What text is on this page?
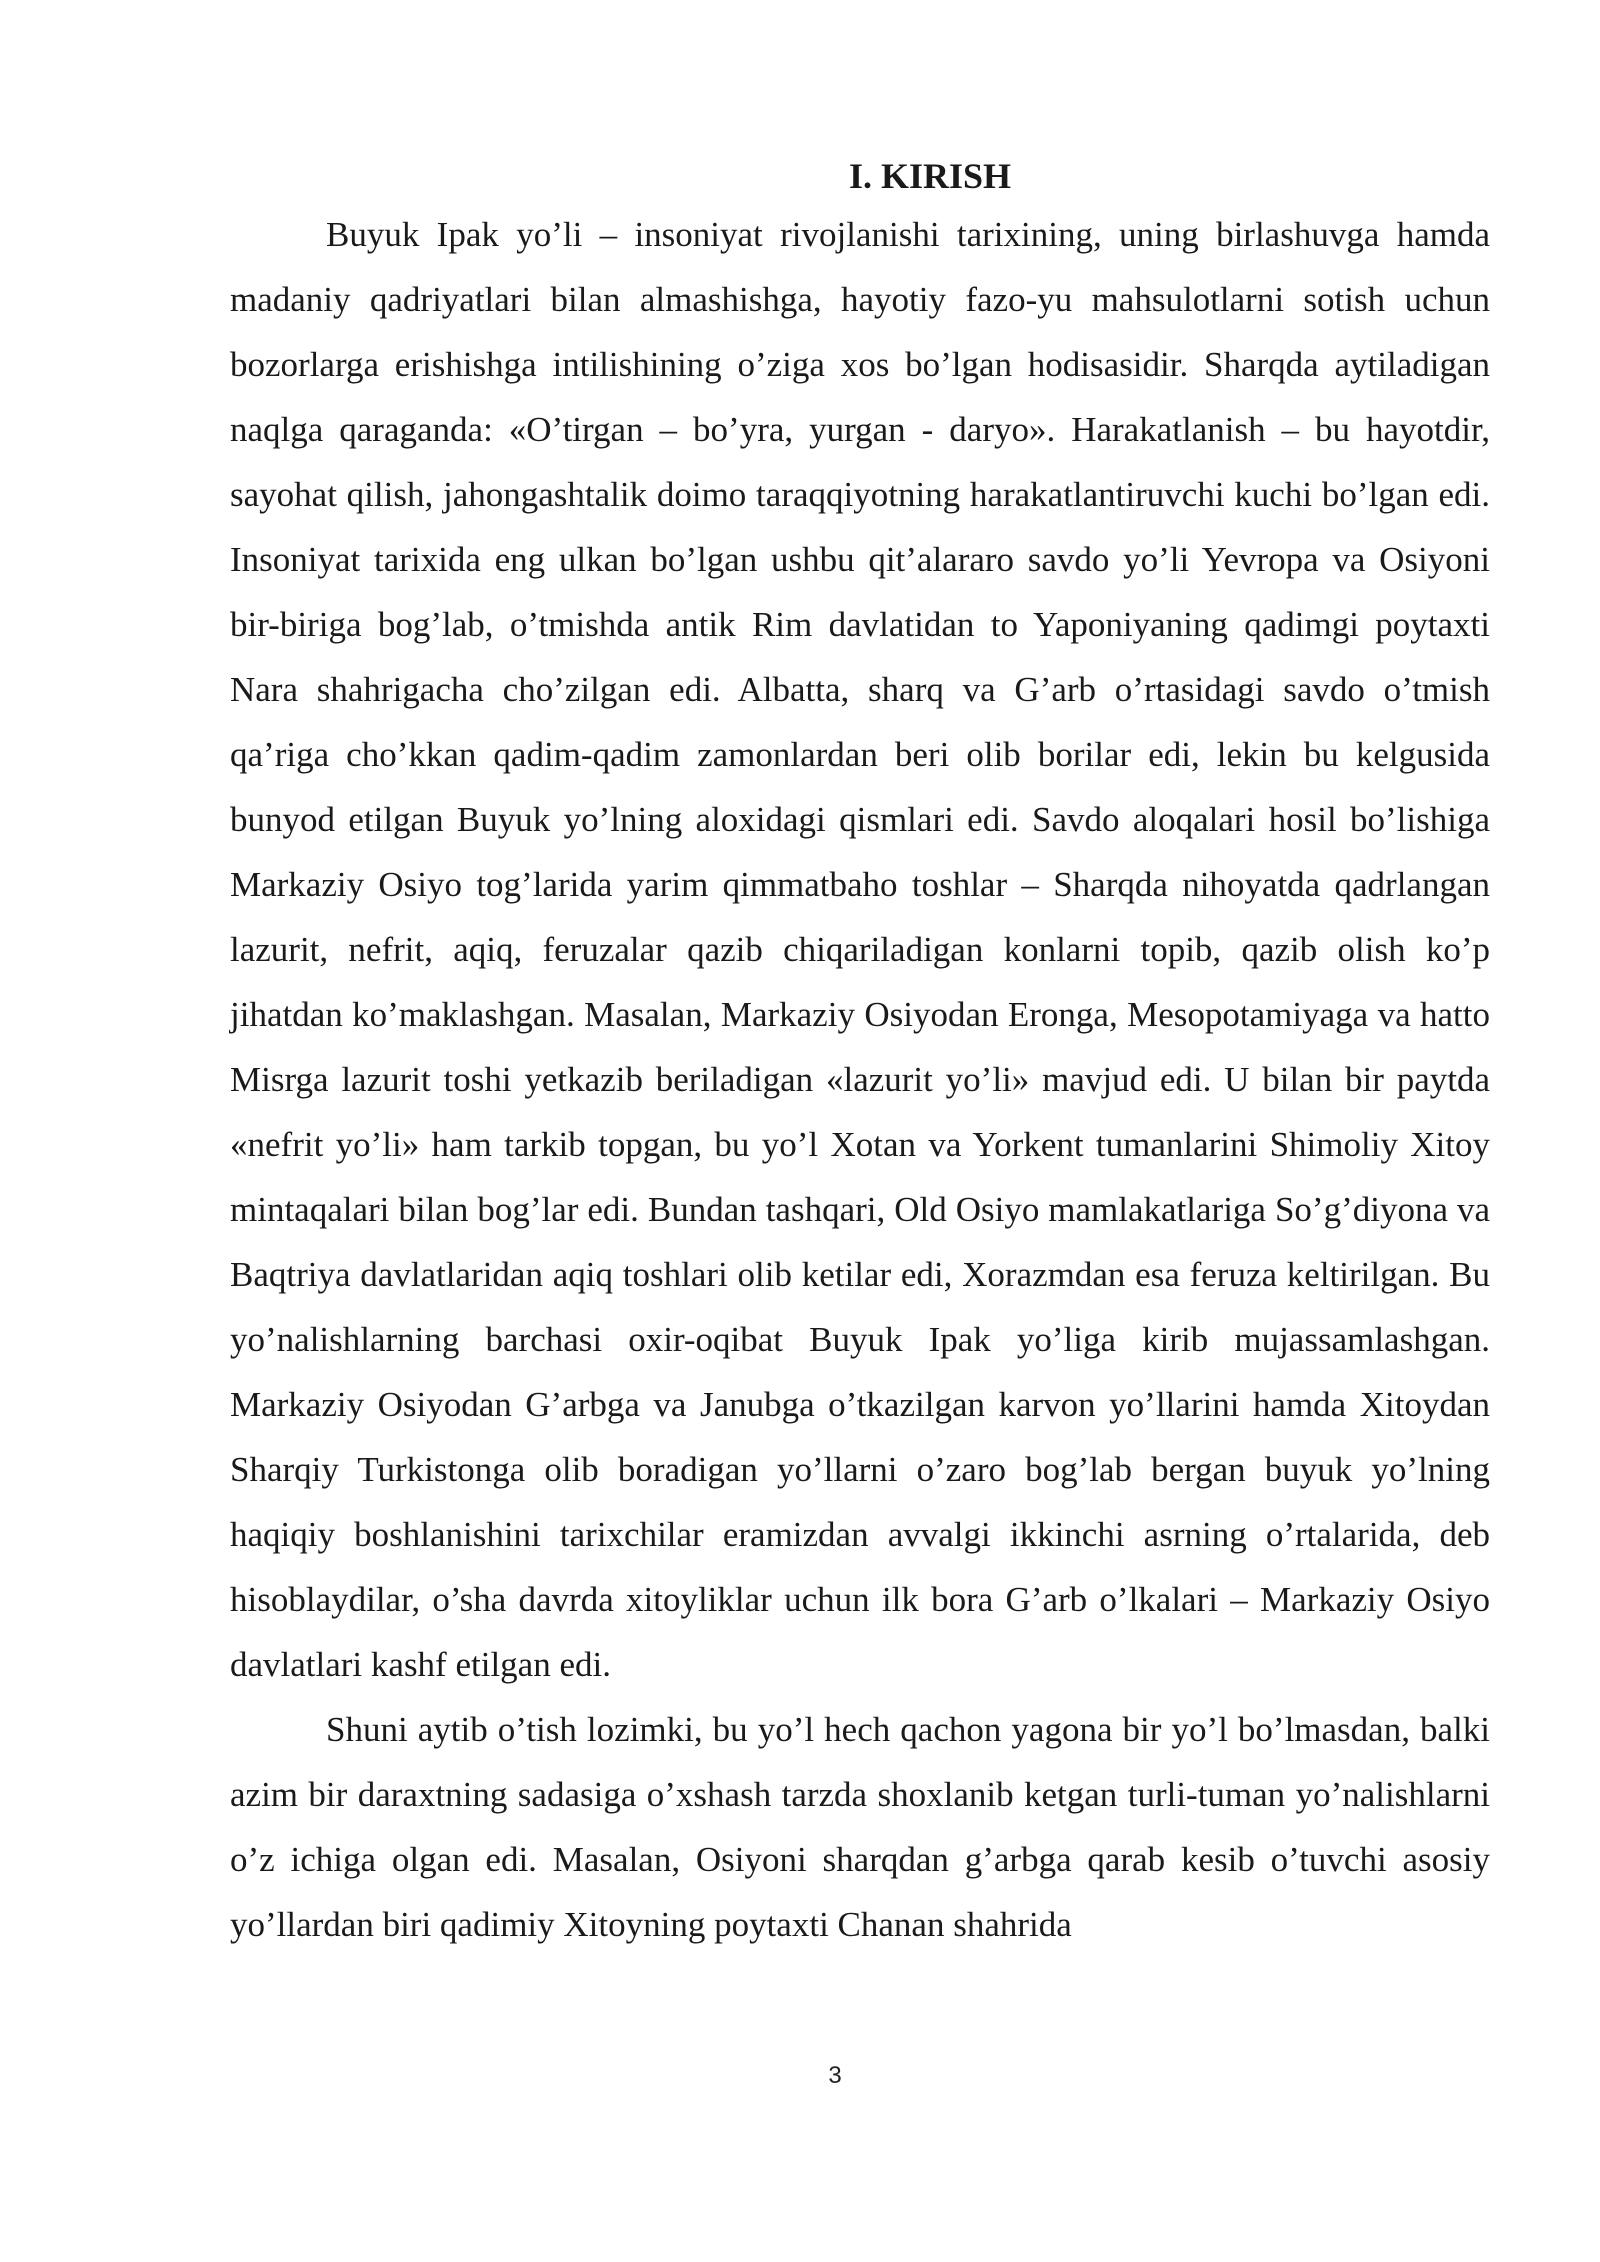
I. KIRISH

Buyuk Ipak yo’li – insoniyat rivojlanishi tarixining, uning birlashuvga hamda madaniy qadriyatlari bilan almashishga, hayotiy fazo-yu mahsulotlarni sotish uchun bozorlarga erishishga intilishining o’ziga xos bo’lgan hodisasidir. Sharqda aytiladigan naqlga qaraganda: «O’tirgan – bo’yra, yurgan - daryo». Harakatlanish – bu hayotdir, sayohat qilish, jahongashtalik doimo taraqqiyotning harakatlantiruvchi kuchi bo’lgan edi. Insoniyat tarixida eng ulkan bo’lgan ushbu qit’alararo savdo yo’li Yevropa va Osiyoni bir-biriga bog’lab, o’tmishda antik Rim davlatidan to Yaponiyaning qadimgi poytaxti Nara shahrigacha cho’zilgan edi. Albatta, sharq va G’arb o’rtasidagi savdo o’tmish qa’riga cho’kkan qadim-qadim zamonlardan beri olib borilar edi, lekin bu kelgusida bunyod etilgan Buyuk yo’lning aloxidagi qismlari edi. Savdo aloqalari hosil bo’lishiga Markaziy Osiyo tog’larida yarim qimmatbaho toshlar – Sharqda nihoyatda qadrlangan lazurit, nefrit, aqiq, feruzalar qazib chiqariladigan konlarni topib, qazib olish ko’p jihatdan ko’maklashgan. Masalan, Markaziy Osiyodan Eronga, Mesopotamiyaga va hatto Misrga lazurit toshi yetkazib beriladigan «lazurit yo’li» mavjud edi. U bilan bir paytda «nefrit yo’li» ham tarkib topgan, bu yo’l Xotan va Yorkent tumanlarini Shimoliy Xitoy mintaqalari bilan bog’lar edi. Bundan tashqari, Old Osiyo mamlakatlariga So’g’diyona va Baqtriya davlatlaridan aqiq toshlari olib ketilar edi, Xorazmdan esa feruza keltirilgan. Bu yo’nalishlarning barchasi oxir-oqibat Buyuk Ipak yo’liga kirib mujassamlashgan. Markaziy Osiyodan G’arbga va Janubga o’tkazilgan karvon yo’llarini hamda Xitoydan Sharqiy Turkistonga olib boradigan yo’llarni o’zaro bog’lab bergan buyuk yo’lning haqiqiy boshlanishini tarixchilar eramizdan avvalgi ikkinchi asrning o’rtalarida, deb hisoblaydilar, o’sha davrda xitoyliklar uchun ilk bora G’arb o’lkalari – Markaziy Osiyo davlatlari kashf etilgan edi.

Shuni aytib o’tish lozimki, bu yo’l hech qachon yagona bir yo’l bo’lmasdan, balki azim bir daraxtning sadasiga o’xshash tarzda shoxlanib ketgan turli-tuman yo’nalishlarni o’z ichiga olgan edi. Masalan, Osiyoni sharqdan g’arbga qarab kesib o’tuvchi asosiy yo’llardan biri qadimiy Xitoyning poytaxti Chanan shahrida

3
